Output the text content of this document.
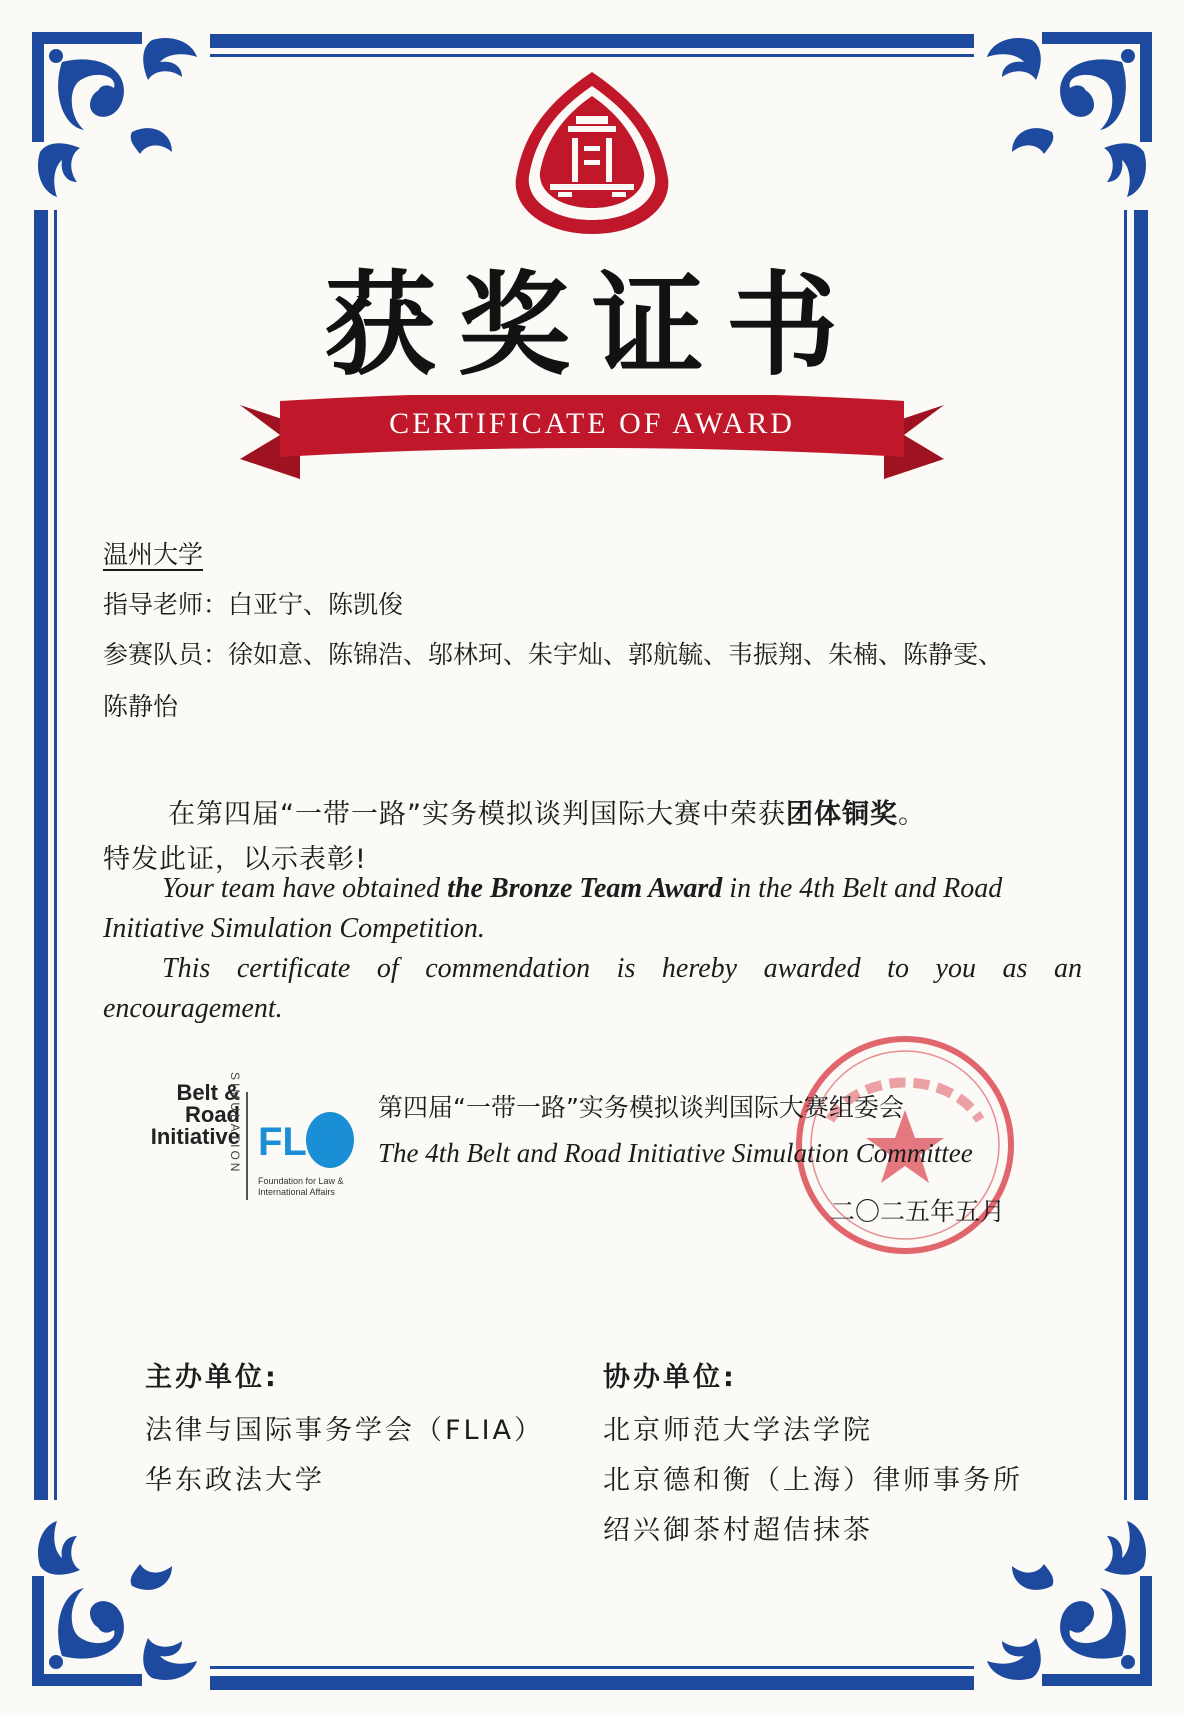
获奖证书
CERTIFICATE OF AWARD
温州大学
指导老师：白亚宁、陈凯俊
参赛队员：徐如意、陈锦浩、邬林珂、朱宇灿、郭航毓、韦振翔、朱楠、陈静雯、
陈静怡
在第四届“一带一路”实务模拟谈判国际大赛中荣获团体铜奖。
特发此证，以示表彰!
Your team have obtained the Bronze Team Award in the 4th Belt and Road
Initiative Simulation Competition.
This certificate of commendation is hereby awarded to you as an
encouragement.
Belt &
Road
Initiative
SIMULATION FLIA
Foundation for Law &
International Affairs
第四届“一带一路”实务模拟谈判国际大赛组委会
The 4th Belt and Road Initiative Simulation Committee
二〇二五年五月
主办单位:
法律与国际事务学会（FLIA）
华东政法大学
协办单位:
北京师范大学法学院
北京德和衡（上海）律师事务所
绍兴御茶村超佶抹茶
